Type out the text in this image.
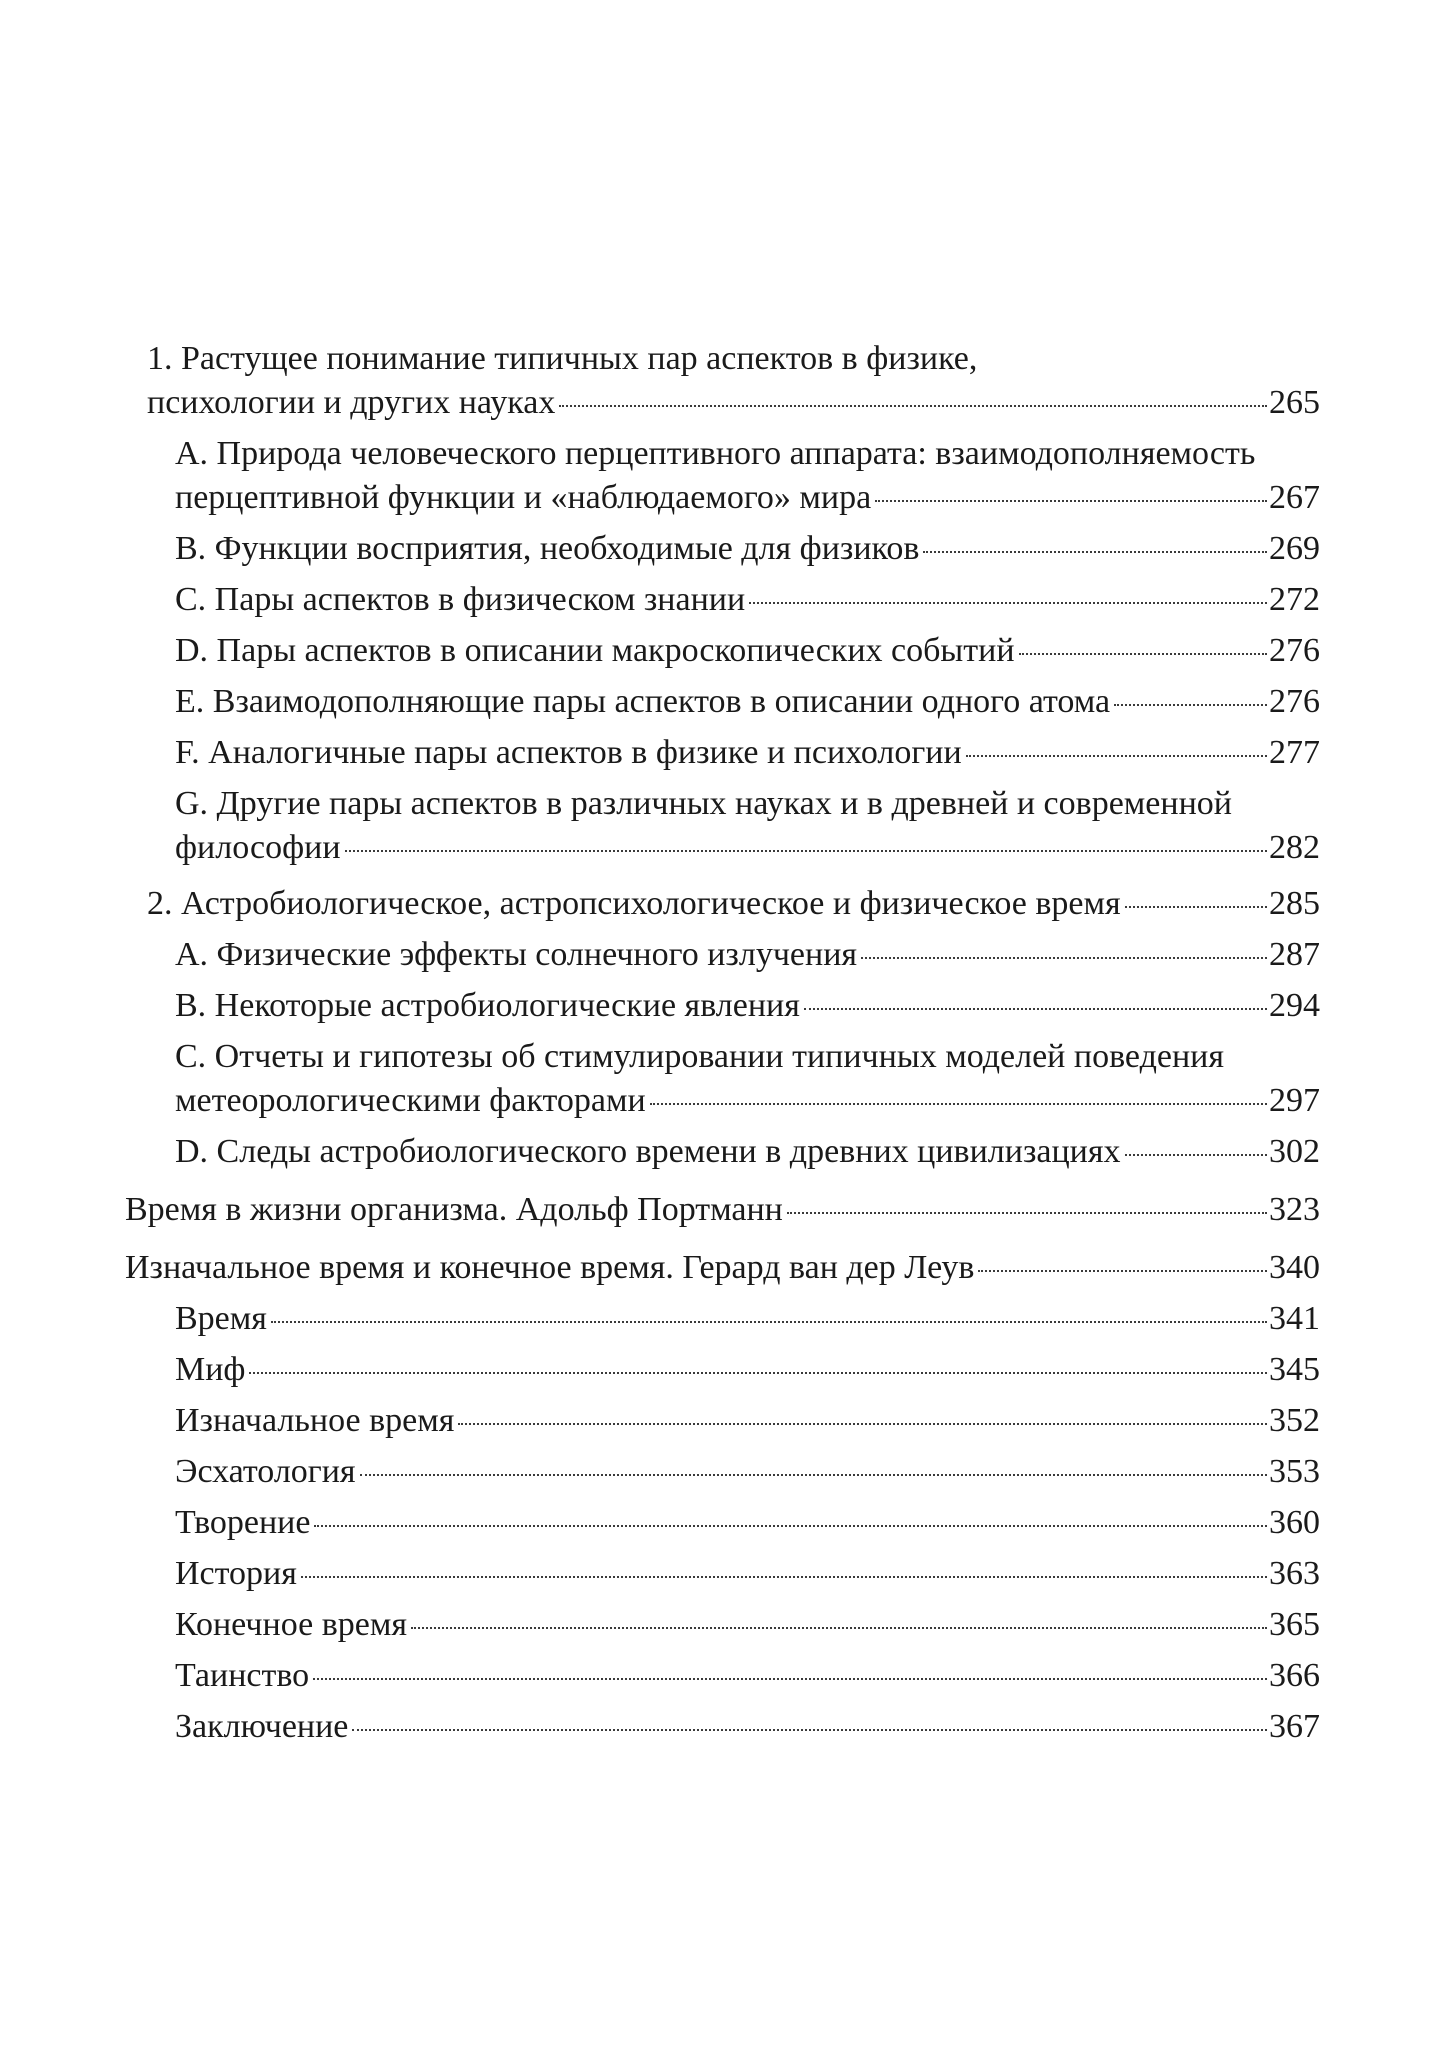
1. Растущее понимание типичных пар аспектов в физике,
психологии и других науках	265
A. Природа человеческого перцептивного аппарата: взаимодополняемость
перцептивной функции и «наблюдаемого» мира	267
B. Функции восприятия, необходимые для физиков	269
C. Пары аспектов в физическом знании	272
D. Пары аспектов в описании макроскопических событий	276
E. Взаимодополняющие пары аспектов в описании одного атома	276
F. Аналогичные пары аспектов в физике и психологии	277
G. Другие пары аспектов в различных науках и в древней и современной
философии	282
2. Астробиологическое, астропсихологическое и физическое время	285
A. Физические эффекты солнечного излучения	287
B. Некоторые астробиологические явления	294
C. Отчеты и гипотезы об стимулировании типичных моделей поведения
метеорологическими факторами	297
D. Следы астробиологического времени в древних цивилизациях	302
Время в жизни организма. Адольф Портманн	323
Изначальное время и конечное время. Герард ван дер Леув	340
Время	341
Миф	345
Изначальное время	352
Эсхатология	353
Творение	360
История	363
Конечное время	365
Таинство	366
Заключение	367
